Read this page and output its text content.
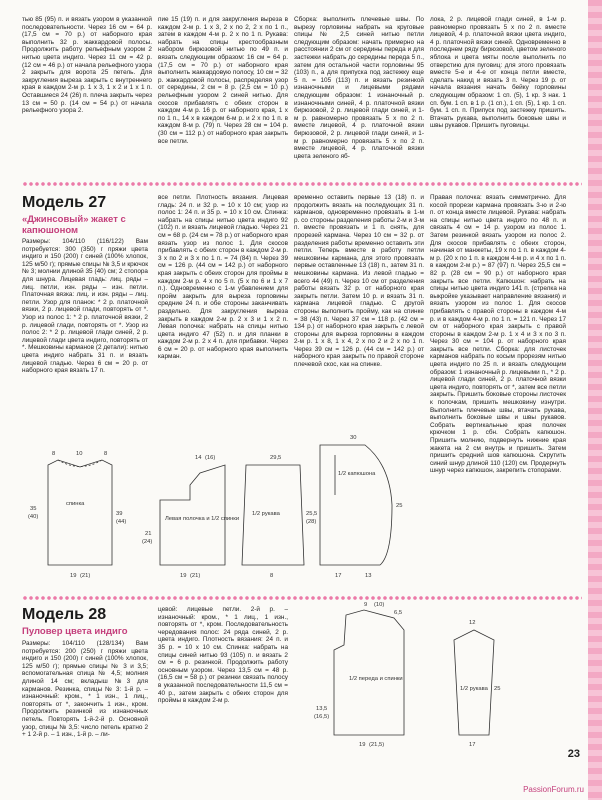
тью 85 (95) п. и вязать узором в указанной последовательности. Через 16 см = 64 р. (17,5 см = 70 р.) от наборного края выполнить 32 р. жаккардовой полосы. Продолжить работу рельефным узором 2 нитью цвета индиго. Через 11 см = 42 р. (12 см = 46 р.) от начала рельефного узора 2 закрыть для ворота 25 петель. Для закругления выреза закрыть с внутреннего края в каждом 2-м р. 1 х 3, 1 х 2 и 1 х 1 п. Оставшиеся 24 (26) п. плеча закрыть через 13 см = 50 р. (14 см = 54 р.) от начала рельефного узора 2.

пие 15 (19) п. и для закругления выреза в каждом 2-м р. 1 х 3, 2 х по 2, 2 х по 1 п., затем в каждом 4-м р. 2 х по 1 п. Рукава: набрать на спицы крестообразным набором бирюзовой нитью по 49 п. и вязать следующим образом: 16 см = 64 р. (17,5 см = 70 р.) от наборного края выполнить жаккардовую полосу, 10 см = 32 р. жаккардовой полосы, распределяя узор от середины, 2 см = 8 р. (2,5 см = 10 р.) рельефным узором 2 синей нитью. Для скосов прибавлять с обеих сторон в каждом 4-м р. 16 р. от наборного края, 1 х по 1 п., 14 х в каждом 6-м р. и 2 х по 1 п. в каждом 8-м р. (79) п. Через 28 см = 104 р. (30 см = 112 р.) от наборного края закрыть все петли.

Сборка: выполнить плечевые швы. По вырезу горловины набрать на круговые спицы № 2,5 синей нитью петли следующим образом: начать примерно на расстоянии 2 см от середины переда и для застежки набрать до середины переда 5 п., затем для остальной части горловины 95 (103) п., а для припуска под застежку еще 5 п. = 105 (113) п. и вязать резинкой изнаночными и лицевыми рядами следующим образом: 1 изнаночный р. изнаночными синей, 4 р. платочной вязки бирюзовой, 2 р. лицевой глади синей, и 1-м р. равномерно провязать 5 х по 2 п. вместе лицевой, 4 р. платочной вязки бирюзовой, 2 р. лицевой глади синей, и 1-м р. равномерно провязать 5 х по 2 п. вместе лицевой, 4 р. платочной вязки цвета зеленого яб-

лока, 2 р. лицевой глади синей, в 1-м р. равномерно провязать 5 х по 2 п. вместе лицевой, 4 р. платочной вязки цвета индиго, 4 р. платочной вязки синей. Одновременно в последнем ряду бирюзовой, цветом зеленого яблока и цвета мяты после выполнить по отверстию для пуговиц: для этого провязать вместе 5-е и 4-е от конца петли вместе, сделать накид и вязать 3 п. Через 19 р. от начала вязания начать бейку горловины следующим образом: 1 сп. (5), 1 кр. 3 нак. 1 сп. бум. 1 сп. в 1 р. (1 сп.), 1 сп. (5), 1 кр. 1 сп. бум. 1 сп. п. Припуск под застежку пришить. Втачать рукава, выполнить боковые швы и швы рукавов. Пришить пуговицы.

Модель 27
«Джинсовый» жакет с капюшоном

Размеры: 104/110 (116/122) Вам потребуется: 300 (350) г пряжи цвета индиго и 150 (200) г синей (100% хлопок, 125 м/50 г); прямые спицы № 3,5 и крючок № 3; молнии длиной 35 (40) см; 2 стопора для шнура. Лицевая гладь: лиц. ряды – лиц. петли, изн. ряды – изн. петли. Платочная вязка: лиц. и изн. ряды – лиц. петли. Узор для планок: * 2 р. платочной вязки, 2 р. лицевой глади, повторять от *. Узор из полос 1: * 2 р. платочной вязки, 2 р. лицевой глади, повторять от *. Узор из полос 2: * 2 р. лицевой глади синей, 2 р. лицевой глади цвета индиго, повторять от *. Мешковины карманов (2 детали): нитью цвета индиго набрать 31 п. и вязать лицевой гладью. Через 6 см = 20 р. от наборного края вязать 17 п.

все петли. Плотность вязания. Лицевая гладь: 24 п. и 32 р. = 10 х 10 см; узор из полос 1: 24 п. и 35 р. = 10 х 10 см. Спинка: набрать на спицы нитью цвета индиго 92 (102) п. и вязать лицевой гладью. Через 21 см = 68 р. (24 см = 78 р.) от наборного края вязать узор из полос 1. Для скосов прибавлять с обеих сторон в каждом 2-м р. 3 х по 2 и 3 х по 1 п. = 74 (84) п. Через 39 см = 126 р. (44 см = 142 р.) от наборного края закрыть с обеих сторон для проймы в каждом 2-м р. 4 х по 5 п. (5 х по 6 и 1 х 7 п.). Одновременно с 1-м убавлением для пройм закрыть для выреза горловины средние 24 п. и обе стороны заканчивать раздельно. Для закругления выреза закрыть в каждом 2-м р. 2 х 3 и 1 х 2 п. Левая полочка: набрать на спицы нитью цвета индиго 47 (52) п. и для планки в каждом 2-м р. 2 х 4 п. для прибавки. Через 6 см = 20 р. от наборного края выполнить карман.

временно оставить первые 13 (18) п. и продолжить вязать на последующих 31 п. карманов, одновременно провязать в 1-м р. со стороны разделения работы 2-м и 3-м п. вместе провязать и 1 п. снять, для прорезей кармана. Через 10 см = 32 р. от разделения работы временно оставить эти петли. Теперь вместе в работу петли мешковины кармана, для этого провязать первые оставленные 13 (18) п., затем 31 п. мешковины кармана. Из левой гладью = всего 44 (49) п. Через 10 см от разделения работы вязать 32 р. от наборного края закрыть петли. Затем 10 р. и вязать 31 п. кармана лицевой гладью. С другой стороны выполнить пройму, как на спинке = 38 (43) п. Через 37 см = 118 р. (42 см = 134 р.) от наборного края закрыть с левой стороны для выреза горловины в каждом 2-м р. 1 х 8, 1 х 4, 2 х по 2 и 2 х по 1 п. Через 39 см = 126 р. (44 см = 142 р.) от наборного края закрыть по правой стороне плечевой скос, как на спинке.

Правая полочка: вязать симметрично. Для косой прорези кармана провязать 3-ю и 2-ю п. от конца вместе лицевой. Рукава: набрать на спицы нитью цвета индиго по 48 п. и связать 4 см = 14 р. узором из полос 1. Затем резинкой вязать узором из полос 2. Для скосов прибавлять с обеих сторон, начиная от манжеты, 19 х по 1 п. в каждом 4-м р. (20 х по 1 п. в каждом 4-м р. и 4 х по 1 п. в каждом 2-м р.) = 87 (97) п. Через 25,5 см = 82 р. (28 см = 90 р.) от наборного края закрыть все петли. Капюшон: набрать на спицы нитью цвета индиго 141 п. (стрелка на выкройке указывает направление вязания) и вязать узором из полос 1. Для скосов прибавлять с правой стороны в каждом 4-м р. и в каждом 4-м р. по 1 п. = 121 п. Через 17 см от наборного края закрыть с правой стороны в каждом 2-м р. 1 х 4 и 3 х по 3 п. Через 30 см = 104 р. от наборного края закрыть все петли. Сборка: для листочек карманов набрать по косым прорезям нитью цвета индиго по 25 п. и вязать следующим образом: 1 изнаночный р. лицевыми п., * 2 р. лицевой глади синей, 2 р. платочной вязки цвета индиго, повторять от *, затем все петли закрыть. Пришить боковые стороны листочек к полочкам, пришить мешковину изнутри. Выполнить плечевые швы, втачать рукава, выполнить боковые швы и швы рукавов. Собрать вертикальные края полочек крючком 1 р. сбн. Собрать капюшон. Пришить молнию, подвернуть нижние края жакета на 2 см внутрь и пришить. Затем пришить средний шов капюшона. Скрутить синий шнур длиной 110 (120) см. Продернуть шнур через капюшон, закрепить стопорами.

спинка
8	10	8
35
(40)	39
(44)
19 (21)
Левая полочка и 1/2 спинки
14 (16)
21
(24)
19 (21)
1/2 рукава
29,5
25,5
(28)
8
1/2 капюшона
30
25
17	13
Модель 28
Пуловер цвета индиго

Размеры: 104/110 (128/134) Вам потребуется: 200 (250) г пряжи цвета индиго и 150 (200) г синей (100% хлопок, 125 м/50 г); прямые спицы № 3 и 3,5; вспомогательная спица № 4,5; молния длиной 14 см; вкладыш №3 для карманов. Резинка, спицы № 3: 1-й р. – изнаночный: кром., * 1 изн., 1 лиц., повторять от *, закончить 1 изн., кром. Продолжить резинкой из изнаночных петель. Повторять 1-й-2-й р. Основной узор, спицы № 3,5: число петель кратно 2 + 1 2-й р. – 1 изн., 1-й р. – ли-

цевой: лицевые петли. 2-й р. – изнаночный: кром., * 1 лиц., 1 изн., повторять от *, кром. Последовательность чередования полос: 24 ряда синей, 2 р. цвета индиго. Плотность вязания: 24 п. и 35 р. = 10 х 10 см. Спинка: набрать на спицы синей нитью 93 (105) п. и вязать 2 см = 6 р. резинкой. Продолжить работу основным узором. Через 13,5 см = 48 р. (16,5 см = 58 р.) от резинки связать полосу в указанной последовательности 11,5 см = 40 р., затем закрыть с обеих сторон для проймы в каждом 2-м р.

1/2 переда и спинки
9 (10)
6,5
13,5
(16,5)
19 (21,5)
1/2 рукава
12
25
17
23
PassionForum.ru
